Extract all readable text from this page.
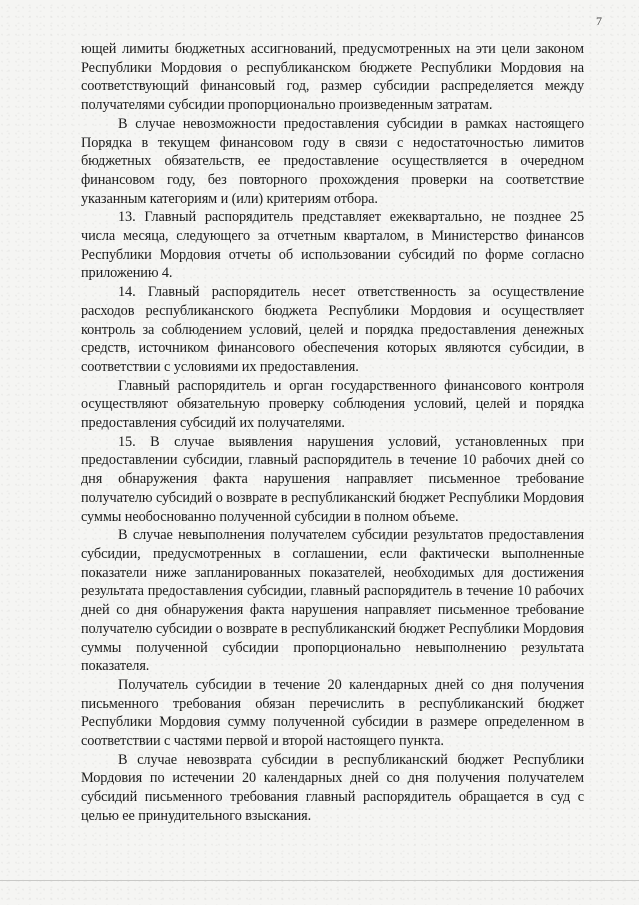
7

ющей лимиты бюджетных ассигнований, предусмотренных на эти цели законом Республики Мордовия о республиканском бюджете Республики Мордовия на соответствующий финансовый год, размер субсидии распределяется между получателями субсидии пропорционально произведенным затратам.

В случае невозможности предоставления субсидии в рамках настоящего Порядка в текущем финансовом году в связи с недостаточностью лимитов бюджетных обязательств, ее предоставление осуществляется в очередном финансовом году, без повторного прохождения проверки на соответствие указанным категориям и (или) критериям отбора.

13. Главный распорядитель представляет ежеквартально, не позднее 25 числа месяца, следующего за отчетным кварталом, в Министерство финансов Республики Мордовия отчеты об использовании субсидий по форме согласно приложению 4.

14. Главный распорядитель несет ответственность за осуществление расходов республиканского бюджета Республики Мордовия и осуществляет контроль за соблюдением условий, целей и порядка предоставления денежных средств, источником финансового обеспечения которых являются субсидии, в соответствии с условиями их предоставления.

Главный распорядитель и орган государственного финансового контроля осуществляют обязательную проверку соблюдения условий, целей и порядка предоставления субсидий их получателями.

15. В случае выявления нарушения условий, установленных при предоставлении субсидии, главный распорядитель в течение 10 рабочих дней со дня обнаружения факта нарушения направляет письменное требование получателю субсидий о возврате в республиканский бюджет Республики Мордовия суммы необоснованно полученной субсидии в полном объеме.

В случае невыполнения получателем субсидии результатов предоставления субсидии, предусмотренных в соглашении, если фактически выполненные показатели ниже запланированных показателей, необходимых для достижения результата предоставления субсидии, главный распорядитель в течение 10 рабочих дней со дня обнаружения факта нарушения направляет письменное требование получателю субсидии о возврате в республиканский бюджет Республики Мордовия суммы полученной субсидии пропорционально невыполнению результата показателя.

Получатель субсидии в течение 20 календарных дней со дня получения письменного требования обязан перечислить в республиканский бюджет Республики Мордовия сумму полученной субсидии в размере определенном в соответствии с частями первой и второй настоящего пункта.

В случае невозврата субсидии в республиканский бюджет Республики Мордовия по истечении 20 календарных дней со дня получения получателем субсидий письменного требования главный распорядитель обращается в суд с целью ее принудительного взыскания.
